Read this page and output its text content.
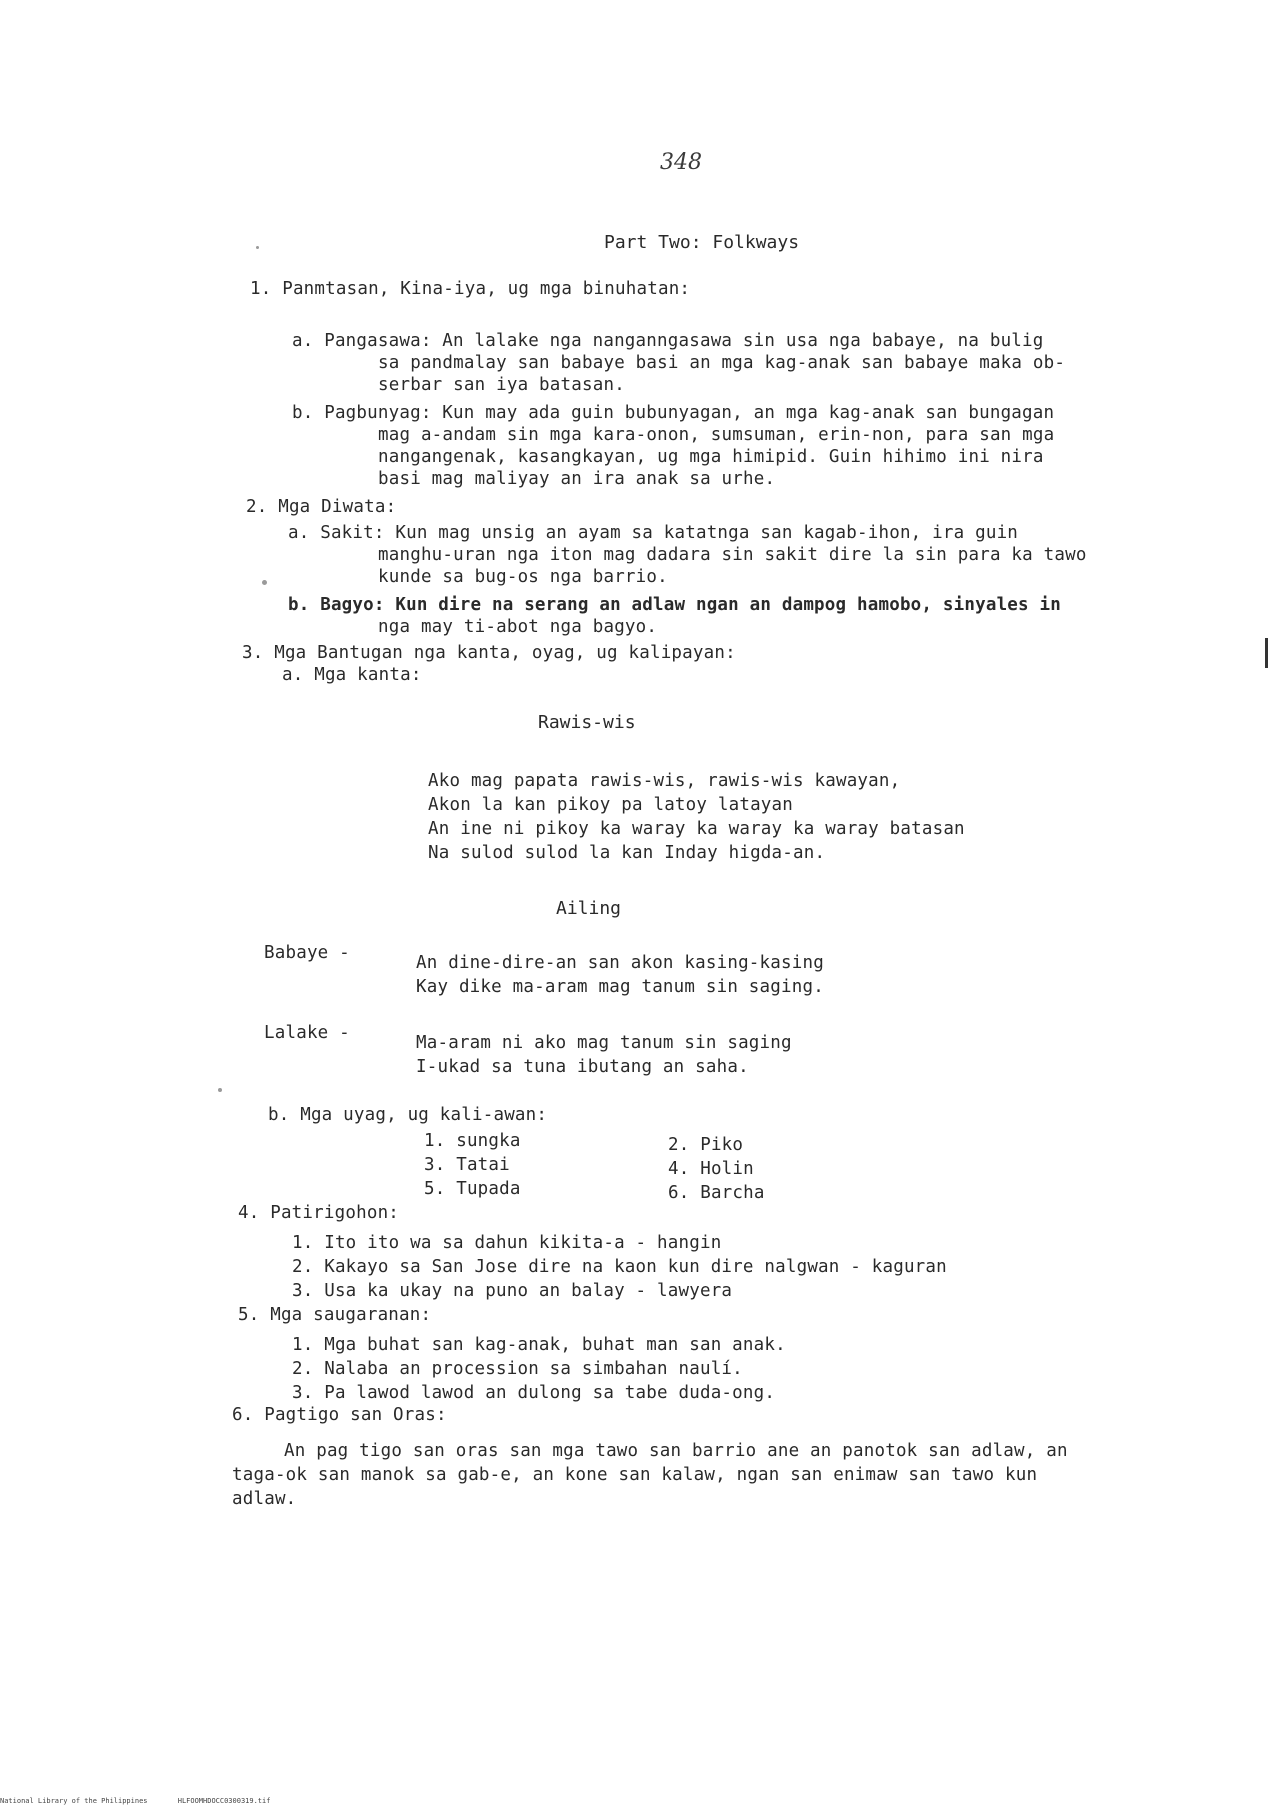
348
Part Two: Folkways
1. Panmtasan, Kina-iya, ug mga binuhatan:
a. Pangasawa: An lalake nga nanganngasawa sin usa nga babaye, na bulig
sa pandmalay san babaye basi an mga kag-anak san babaye maka ob-
serbar san iya batasan.
b. Pagbunyag: Kun may ada guin bubunyagan, an mga kag-anak san bungagan
mag a-andam sin mga kara-onon, sumsuman, erin-non, para san mga
nangangenak, kasangkayan, ug mga himipid. Guin hihimo ini nira
basi mag maliyay an ira anak sa urhe.
2. Mga Diwata:
a. Sakit: Kun mag unsig an ayam sa katatnga san kagab-ihon, ira guin
manghu-uran nga iton mag dadara sin sakit dire la sin para ka tawo
kunde sa bug-os nga barrio.
b. Bagyo: Kun dire na serang an adlaw ngan an dampog hamobo, sinyales in
nga may ti-abot nga bagyo.
3. Mga Bantugan nga kanta, oyag, ug kalipayan:
a. Mga kanta:
Rawis-wis
Ako mag papata rawis-wis, rawis-wis kawayan,
Akon la kan pikoy pa latoy latayan
An ine ni pikoy ka waray ka waray ka waray batasan
Na sulod sulod la kan Inday higda-an.
Ailing
Babaye -	An dine-dire-an san akon kasing-kasing
Kay dike ma-aram mag tanum sin saging.
Lalake -	Ma-aram ni ako mag tanum sin saging
I-ukad sa tuna ibutang an saha.
b. Mga uyag, ug kali-awan:
1. sungka	2. Piko
3. Tatai	4. Holin
5. Tupada	6. Barcha
4. Patirigohon:
1. Ito ito wa sa dahun kikita-a - hangin
2. Kakayo sa San Jose dire na kaon kun dire nalgwan - kaguran
3. Usa ka ukay na puno an balay - lawyera
5. Mga saugaranan:
1. Mga buhat san kag-anak, buhat man san anak.
2. Nalaba an procession sa simbahan naulí.
3. Pa lawod lawod an dulong sa tabe duda-ong.
6. Pagtigo san Oras:
An pag tigo san oras san mga tawo san barrio ane an panotok san adlaw, an
taga-ok san manok sa gab-e, an kone san kalaw, ngan san enimaw san tawo kun
adlaw.
National Library of the Philippines	HLFOOMHDOCC0300319.tif
